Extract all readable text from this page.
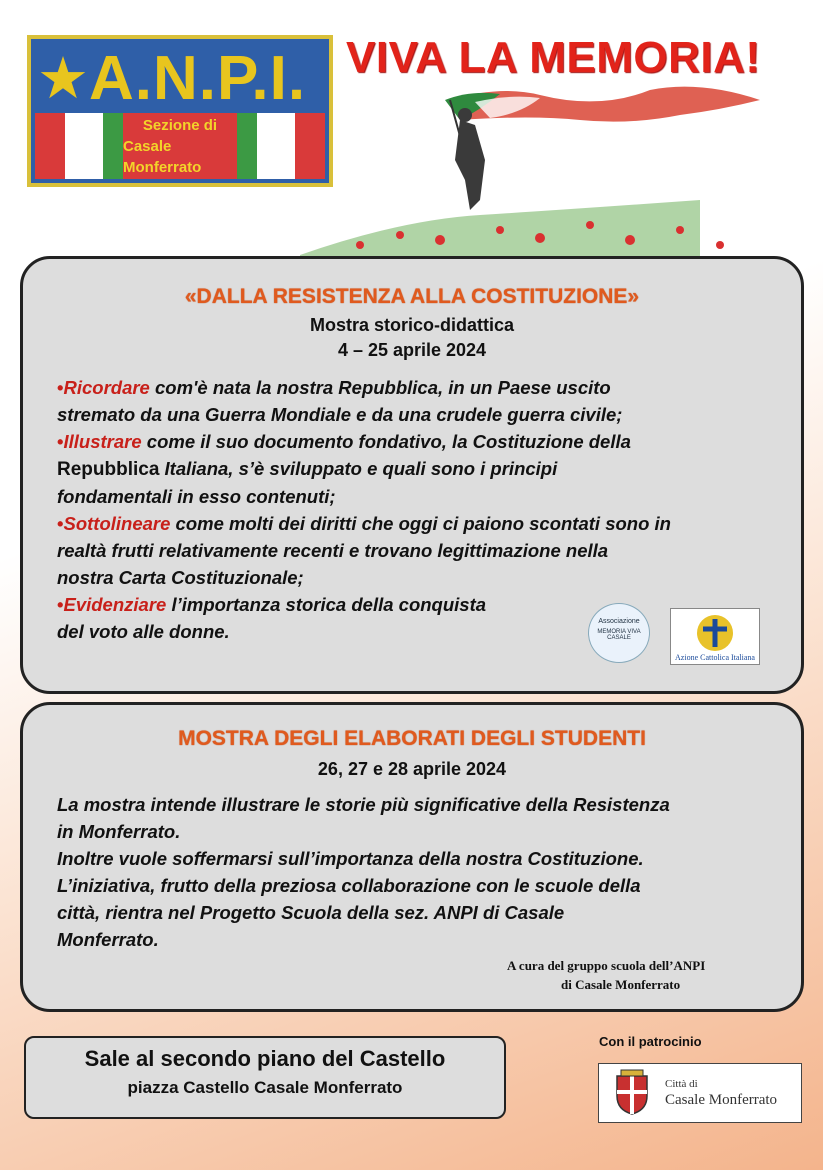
★ A.N.P.I.
Sezione di
Casale Monferrato
VIVA LA MEMORIA!
«DALLA RESISTENZA ALLA COSTITUZIONE»
Mostra storico-didattica
4 – 25 aprile 2024
•Ricordare com'è nata la nostra Repubblica, in un Paese uscito
stremato da una Guerra Mondiale e da una crudele guerra civile;
•Illustrare come il suo documento fondativo, la Costituzione della
Repubblica Italiana, s’è sviluppato e quali sono i principi
fondamentali in esso contenuti;
•Sottolineare come molti dei diritti che oggi ci paiono scontati sono in
realtà frutti relativamente recenti e trovano legittimazione nella
nostra Carta Costituzionale;
•Evidenziare l’importanza storica della conquista
del voto alle donne.	Associazione
MEMORIA VIVA CASALE
Azione Cattolica Italiana
MOSTRA DEGLI ELABORATI DEGLI STUDENTI
26, 27 e 28 aprile 2024
La mostra intende illustrare le storie più significative della Resistenza
in Monferrato.
Inoltre vuole soffermarsi sull’importanza della nostra Costituzione.
L’iniziativa, frutto della preziosa collaborazione con le scuole della
città, rientra nel Progetto Scuola della sez. ANPI di Casale
Monferrato.
A cura del gruppo scuola dell’ANPI
di Casale Monferrato
Sale al secondo piano del Castello
piazza Castello Casale Monferrato
Con il patrocinio
Città di
Casale Monferrato
